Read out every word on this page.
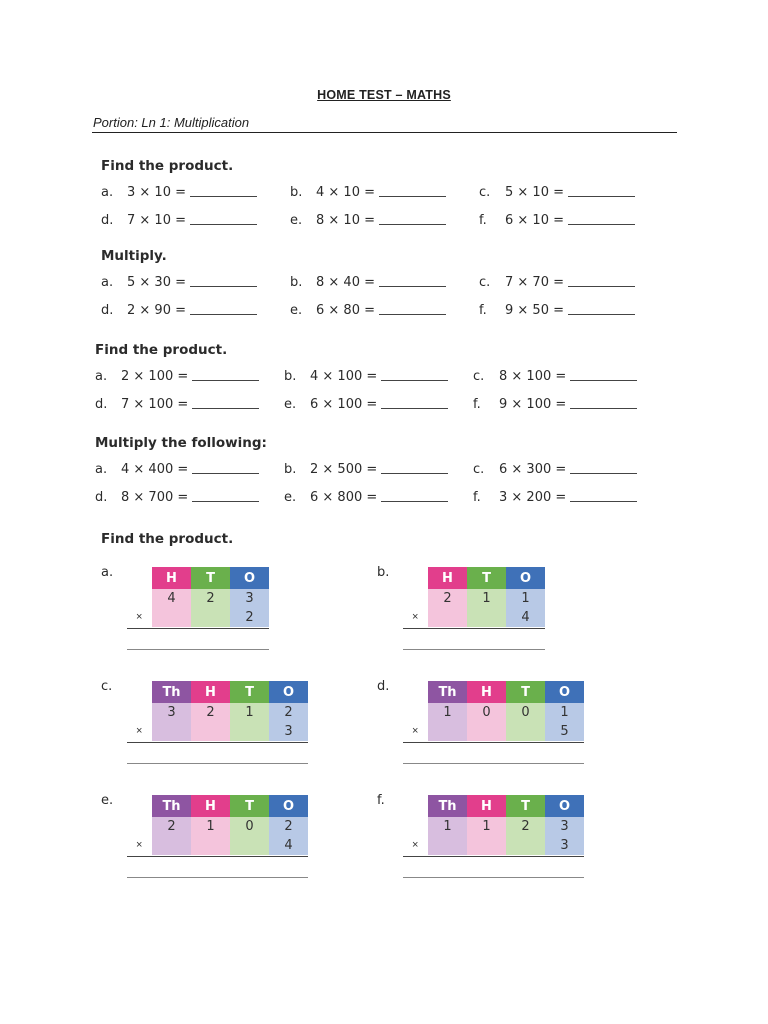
HOME TEST – MATHS
Portion: Ln 1: Multiplication
Find the product.
a. 3 × 10 =	b. 4 × 10 =	c. 5 × 10 =
d. 7 × 10 =	e. 8 × 10 =	f. 6 × 10 =
Multiply.
a. 5 × 30 =	b. 8 × 40 =	c. 7 × 70 =
d. 2 × 90 =	e. 6 × 80 =	f. 9 × 50 =
Find the product.
a. 2 × 100 =	b. 4 × 100 =	c. 8 × 100 =
d. 7 × 100 =	e. 6 × 100 =	f. 9 × 100 =
Multiply the following:
a. 4 × 400 =	b. 2 × 500 =	c. 6 × 300 =
d. 8 × 700 =	e. 6 × 800 =	f. 3 × 200 =
Find the product.
a.	H	T	O
4	2	3
		2
×
b.	H	T	O
2	1	1
		4
×
c.	Th	H	T	O
3	2	1	2
			3
×
d.	Th	H	T	O
1	0	0	1
			5
×
e.	Th	H	T	O
2	1	0	2
			4
×
f.	Th	H	T	O
1	1	2	3
			3
×
